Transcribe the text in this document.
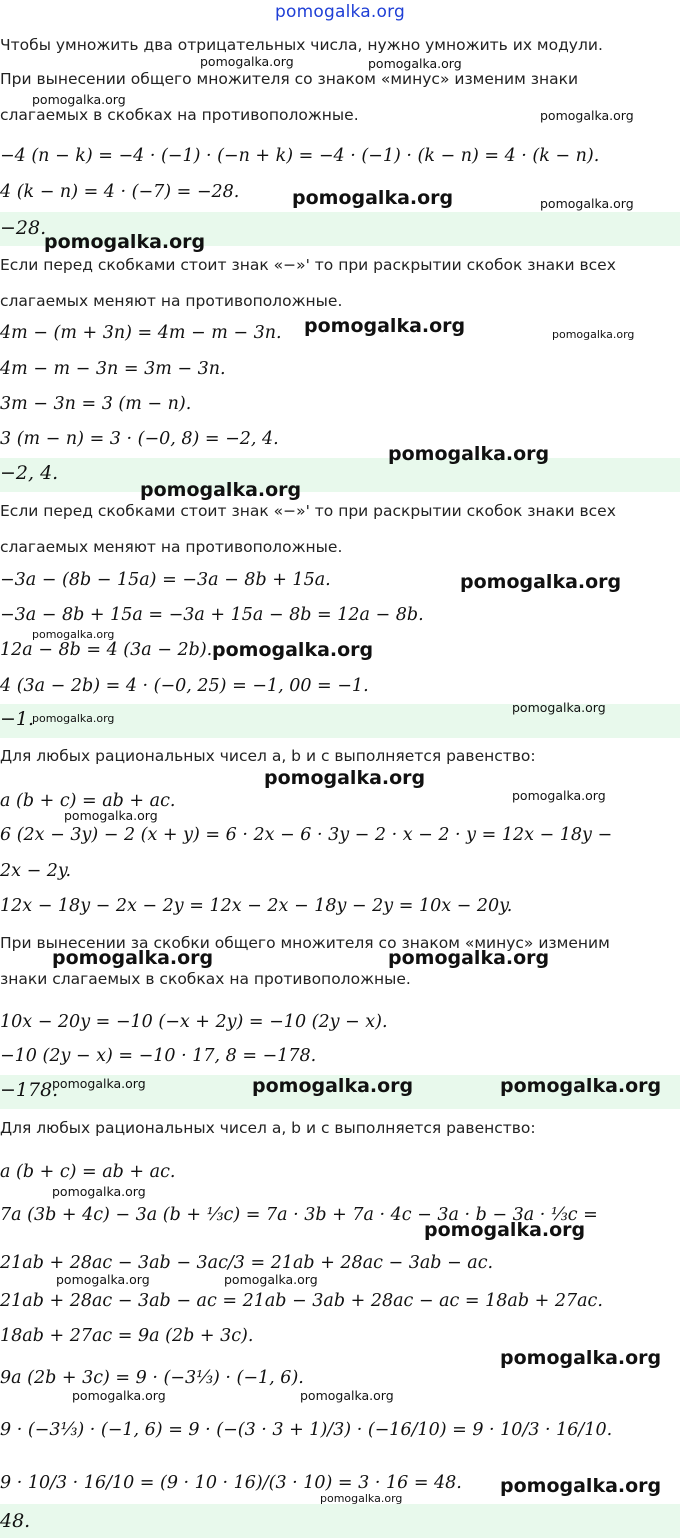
pomogalka.org
Чтобы умножить два отрицательных числа, нужно умножить их модули.
При вынесении общего множителя со знаком «минус» изменим знаки
слагаемых в скобках на противоположные.
−4 (n − k) = −4 · (−1) · (−n + k) = −4 · (−1) · (k − n) = 4 · (k − n).
4 (k − n) = 4 · (−7) = −28.
−28.
Если перед скобками стоит знак «−»' то при раскрытии скобок знаки всех
слагаемых меняют на противоположные.
4m − (m + 3n) = 4m − m − 3n.
4m − m − 3n = 3m − 3n.
3m − 3n = 3 (m − n).
3 (m − n) = 3 · (−0, 8) = −2, 4.
−2, 4.
Если перед скобками стоит знак «−»' то при раскрытии скобок знаки всех
слагаемых меняют на противоположные.
−3a − (8b − 15a) = −3a − 8b + 15a.
−3a − 8b + 15a = −3a + 15a − 8b = 12a − 8b.
12a − 8b = 4 (3a − 2b).
4 (3a − 2b) = 4 · (−0, 25) = −1, 00 = −1.
−1.
Для любых рациональных чисел a, b и c выполняется равенство:
a (b + c) = ab + ac.
6 (2x − 3y) − 2 (x + y) = 6 · 2x − 6 · 3y − 2 · x − 2 · y = 12x − 18y −
2x − 2y.
12x − 18y − 2x − 2y = 12x − 2x − 18y − 2y = 10x − 20y.
При вынесении за скобки общего множителя со знаком «минус» изменим
знаки слагаемых в скобках на противоположные.
10x − 20y = −10 (−x + 2y) = −10 (2y − x).
−10 (2y − x) = −10 · 17, 8 = −178.
−178.
Для любых рациональных чисел a, b и c выполняется равенство:
a (b + c) = ab + ac.
7a (3b + 4c) − 3a (b + ⅓c) = 7a · 3b + 7a · 4c − 3a · b − 3a · ⅓c =
21ab + 28ac − 3ab − 3ac/3 = 21ab + 28ac − 3ab − ac.
21ab + 28ac − 3ab − ac = 21ab − 3ab + 28ac − ac = 18ab + 27ac.
18ab + 27ac = 9a (2b + 3c).
9a (2b + 3c) = 9 · (−3⅓) · (−1, 6).
9 · (−3⅓) · (−1, 6) = 9 · (−(3 · 3 + 1)/3) · (−16/10) = 9 · 10/3 · 16/10.
9 · 10/3 · 16/10 = (9 · 10 · 16)/(3 · 10) = 3 · 16 = 48.
48.
pomogalka.org	pomogalka.org
pomogalka.org
pomogalka.org
pomogalka.org	pomogalka.org
pomogalka.org
pomogalka.org	pomogalka.org
pomogalka.org
pomogalka.org
pomogalka.org
pomogalka.org
pomogalka.org
pomogalka.org
pomogalka.org
pomogalka.org
pomogalka.org
pomogalka.org
pomogalka.org	pomogalka.org
pomogalka.org	pomogalka.org	pomogalka.org
pomogalka.org
pomogalka.org
pomogalka.org	pomogalka.org
pomogalka.org
pomogalka.org	pomogalka.org
pomogalka.org
pomogalka.org
